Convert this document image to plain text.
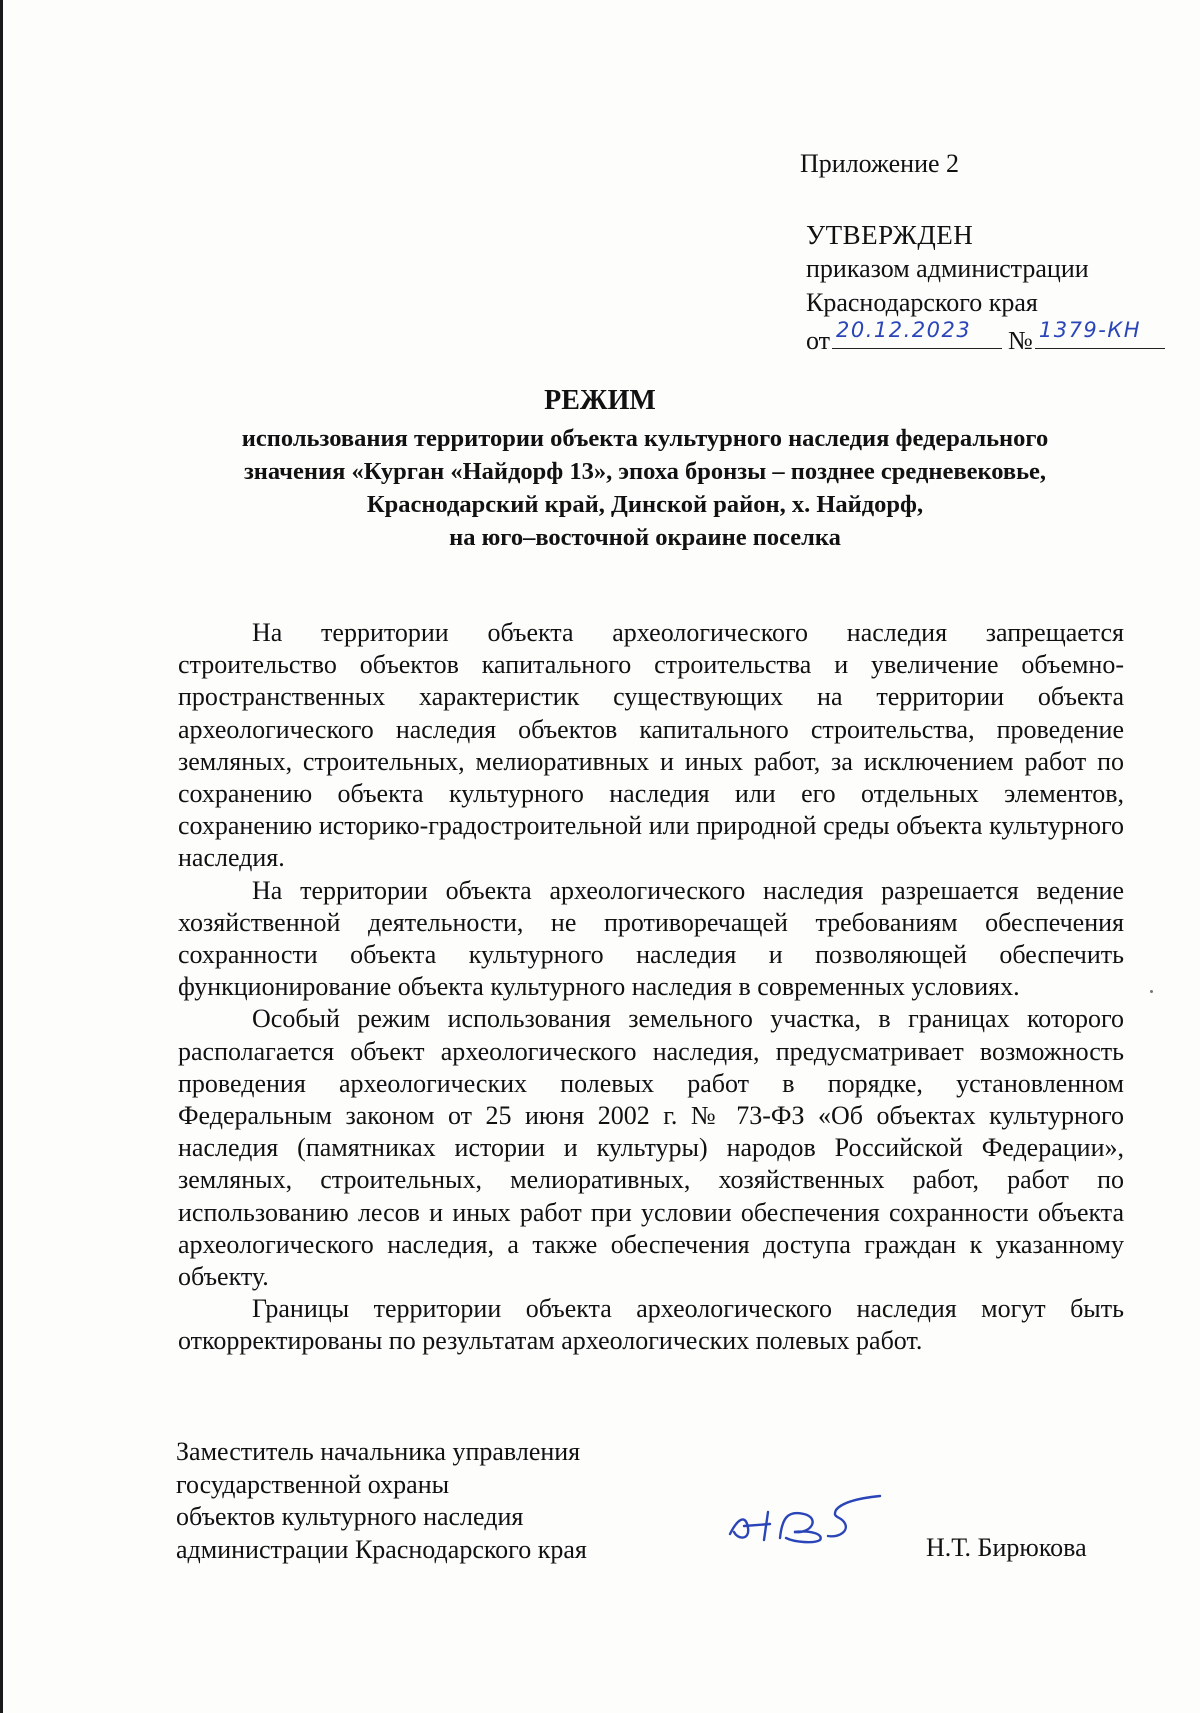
Приложение 2
УТВЕРЖДЕН
приказом администрации
Краснодарского края
от 20.12.2023 № 1379-КН
РЕЖИМ
использования территории объекта культурного наследия федерального
значения «Курган «Найдорф 13», эпоха бронзы – позднее средневековье,
Краснодарский край, Динской район, х. Найдорф,
на юго–восточной окраине поселка

На территории объекта археологического наследия запрещается строительство объектов капитального строительства и увеличение объемно-пространственных характеристик существующих на территории объекта археологического наследия объектов капитального строительства, проведение земляных, строительных, мелиоративных и иных работ, за исключением работ по сохранению объекта культурного наследия или его отдельных элементов, сохранению историко-градостроительной или природной среды объекта культурного наследия.

На территории объекта археологического наследия разрешается ведение хозяйственной деятельности, не противоречащей требованиям обеспечения сохранности объекта культурного наследия и позволяющей обеспечить функционирование объекта культурного наследия в современных условиях.

Особый режим использования земельного участка, в границах которого располагается объект археологического наследия, предусматривает возможность проведения археологических полевых работ в порядке, установленном Федеральным законом от 25 июня 2002 г. № 73-ФЗ «Об объектах культурного наследия (памятниках истории и культуры) народов Российской Федерации», земляных, строительных, мелиоративных, хозяйственных работ, работ по использованию лесов и иных работ при условии обеспечения сохранности объекта археологического наследия, а также обеспечения доступа граждан к указанному объекту.

Границы территории объекта археологического наследия могут быть откорректированы по результатам археологических полевых работ.

Заместитель начальника управления
государственной охраны
объектов культурного наследия
администрации Краснодарского края	Н.Т. Бирюкова
